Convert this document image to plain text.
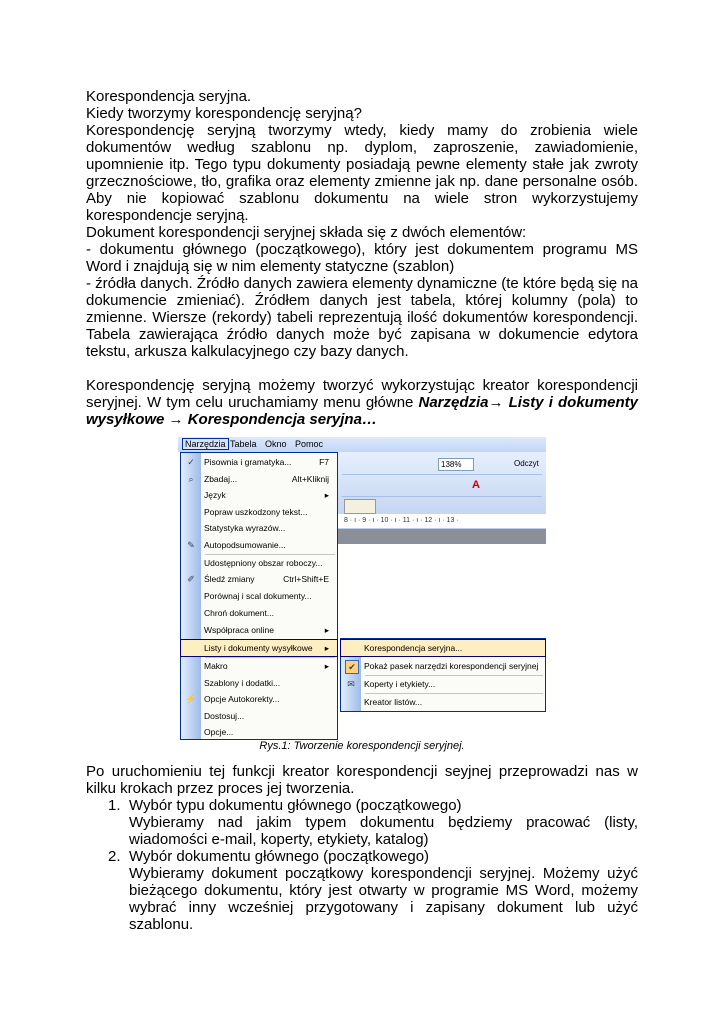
Korespondencja seryjna.

Kiedy tworzymy korespondencję seryjną?

Korespondencję seryjną tworzymy wtedy, kiedy mamy do zrobienia wiele dokumentów według szablonu np. dyplom, zaproszenie, zawiadomienie, upomnienie itp. Tego typu dokumenty posiadają pewne elementy stałe jak zwroty grzecznościowe, tło, grafika oraz elementy zmienne jak np. dane personalne osób. Aby nie kopiować szablonu dokumentu na wiele stron wykorzystujemy korespondencje seryjną.

Dokument korespondencji seryjnej składa się z dwóch elementów:

- dokumentu głównego (początkowego), który jest dokumentem programu MS Word i znajdują się w nim elementy statyczne (szablon)

- źródła danych. Źródło danych zawiera elementy dynamiczne (te które będą się na dokumencie zmieniać). Źródłem danych jest tabela, której kolumny (pola) to zmienne. Wiersze (rekordy) tabeli reprezentują ilość dokumentów korespondencji. Tabela zawierająca źródło danych może być zapisana w dokumencie edytora tekstu, arkusza kalkulacyjnego czy bazy danych.

Korespondencję seryjną możemy tworzyć wykorzystując kreator korespondencji seryjnej. W tym celu uruchamiamy menu główne Narzędzia→ Listy i dokumenty wysyłkowe → Korespondencja seryjna…

Narzędzia Tabela Okno Pomoc
138%	Odczyt
A
8 · ı · 9 · ı · 10 · ı · 11 · ı · 12 · ı · 13 ·
✓ Pisownia i gramatyka...	F7
⌕	Zbadaj...	Alt+Kliknij
Język	▸
Popraw uszkodzony tekst...
Statystyka wyrazów...
✎ Autopodsumowanie...
Udostępniony obszar roboczy...
✐ Śledź zmiany	Ctrl+Shift+E
Porównaj i scal dokumenty...
Chroń dokument...
Współpraca online	▸
Listy i dokumenty wysyłkowe ▸
Makro	▸
Szablony i dodatki...
⚡ Opcje Autokorekty...
Dostosuj...
Opcje...
Korespondencja seryjna...
✔ Pokaż pasek narzędzi korespondencji seryjnej
✉ Koperty i etykiety...
Kreator listów...
Rys.1: Tworzenie korespondencji seryjnej.

Po uruchomieniu tej funkcji kreator korespondencji seyjnej przeprowadzi nas w kilku krokach przez proces jej tworzenia.

1. Wybór typu dokumentu głównego (początkowego)
Wybieramy nad jakim typem dokumentu będziemy pracować (listy, wiadomości e-mail, koperty, etykiety, katalog)
2. Wybór dokumentu głównego (początkowego)
Wybieramy dokument początkowy korespondencji seryjnej. Możemy użyć bieżącego dokumentu, który jest otwarty w programie MS Word, możemy wybrać inny wcześniej przygotowany i zapisany dokument lub użyć szablonu.
